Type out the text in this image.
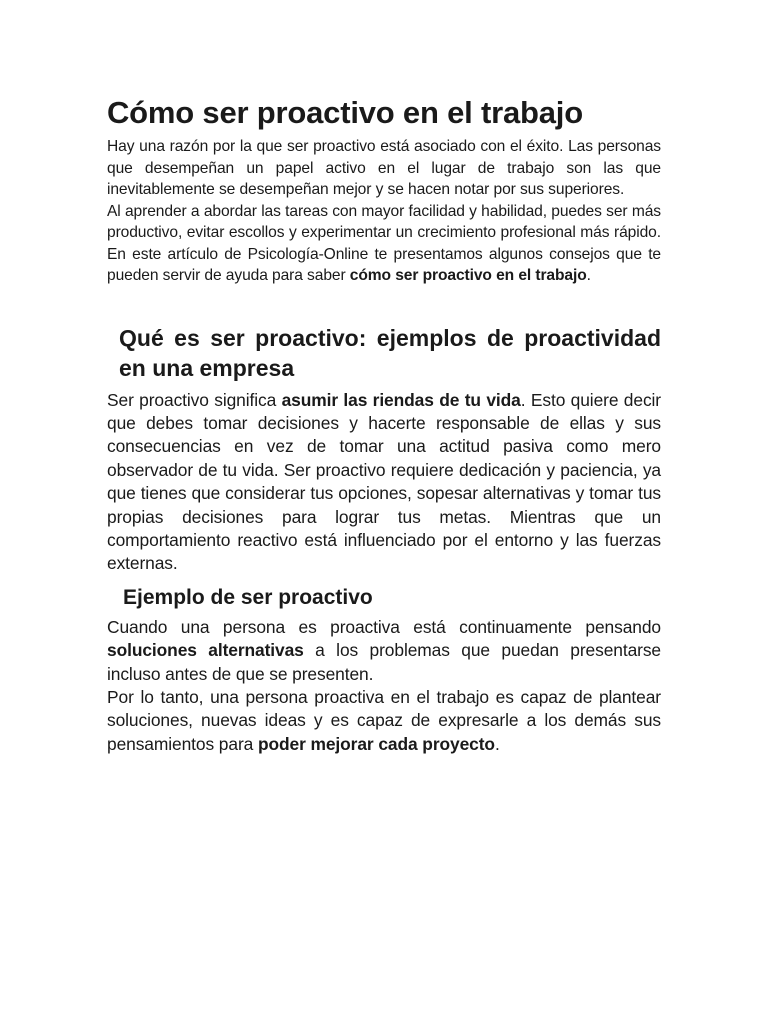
Cómo ser proactivo en el trabajo

Hay una razón por la que ser proactivo está asociado con el éxito. Las personas que desempeñan un papel activo en el lugar de trabajo son las que inevitablemente se desempeñan mejor y se hacen notar por sus superiores.

Al aprender a abordar las tareas con mayor facilidad y habilidad, puedes ser más productivo, evitar escollos y experimentar un crecimiento profesional más rápido. En este artículo de Psicología-Online te presentamos algunos consejos que te pueden servir de ayuda para saber cómo ser proactivo en el trabajo.

Qué es ser proactivo: ejemplos de proactividad en una empresa

Ser proactivo significa asumir las riendas de tu vida. Esto quiere decir que debes tomar decisiones y hacerte responsable de ellas y sus consecuencias en vez de tomar una actitud pasiva como mero observador de tu vida. Ser proactivo requiere dedicación y paciencia, ya que tienes que considerar tus opciones, sopesar alternativas y tomar tus propias decisiones para lograr tus metas. Mientras que un comportamiento reactivo está influenciado por el entorno y las fuerzas externas.

Ejemplo de ser proactivo

Cuando una persona es proactiva está continuamente pensando soluciones alternativas a los problemas que puedan presentarse incluso antes de que se presenten.

Por lo tanto, una persona proactiva en el trabajo es capaz de plantear soluciones, nuevas ideas y es capaz de expresarle a los demás sus pensamientos para poder mejorar cada proyecto.
